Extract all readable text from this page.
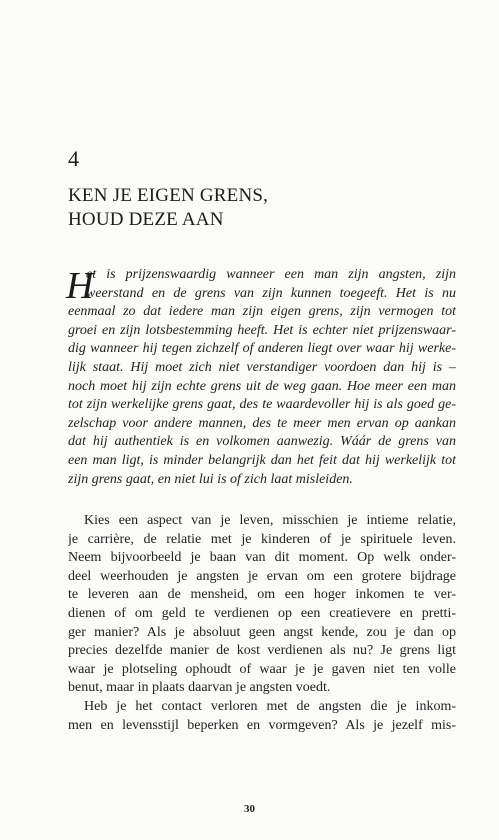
4
KEN JE EIGEN GRENS,
HOUD DEZE AAN
H
et is prijzenswaardig wanneer een man zijn angsten, zijn
weerstand en de grens van zijn kunnen toegeeft. Het is nu
eenmaal zo dat iedere man zijn eigen grens, zijn vermogen tot
groei en zijn lotsbestemming heeft. Het is echter niet prijzenswaar-
dig wanneer hij tegen zichzelf of anderen liegt over waar hij werke-
lijk staat. Hij moet zich niet verstandiger voordoen dan hij is –
noch moet hij zijn echte grens uit de weg gaan. Hoe meer een man
tot zijn werkelijke grens gaat, des te waardevoller hij is als goed ge-
zelschap voor andere mannen, des te meer men ervan op aankan
dat hij authentiek is en volkomen aanwezig. Wáár de grens van
een man ligt, is minder belangrijk dan het feit dat hij werkelijk tot
zijn grens gaat, en niet lui is of zich laat misleiden.
Kies een aspect van je leven, misschien je intieme relatie,
je carrière, de relatie met je kinderen of je spirituele leven.
Neem bijvoorbeeld je baan van dit moment. Op welk onder-
deel weerhouden je angsten je ervan om een grotere bijdrage
te leveren aan de mensheid, om een hoger inkomen te ver-
dienen of om geld te verdienen op een creatievere en pretti-
ger manier? Als je absoluut geen angst kende, zou je dan op
precies dezelfde manier de kost verdienen als nu? Je grens ligt
waar je plotseling ophoudt of waar je je gaven niet ten volle
benut, maar in plaats daarvan je angsten voedt.
Heb je het contact verloren met de angsten die je inkom-
men en levensstijl beperken en vormgeven? Als je jezelf mis-
30
